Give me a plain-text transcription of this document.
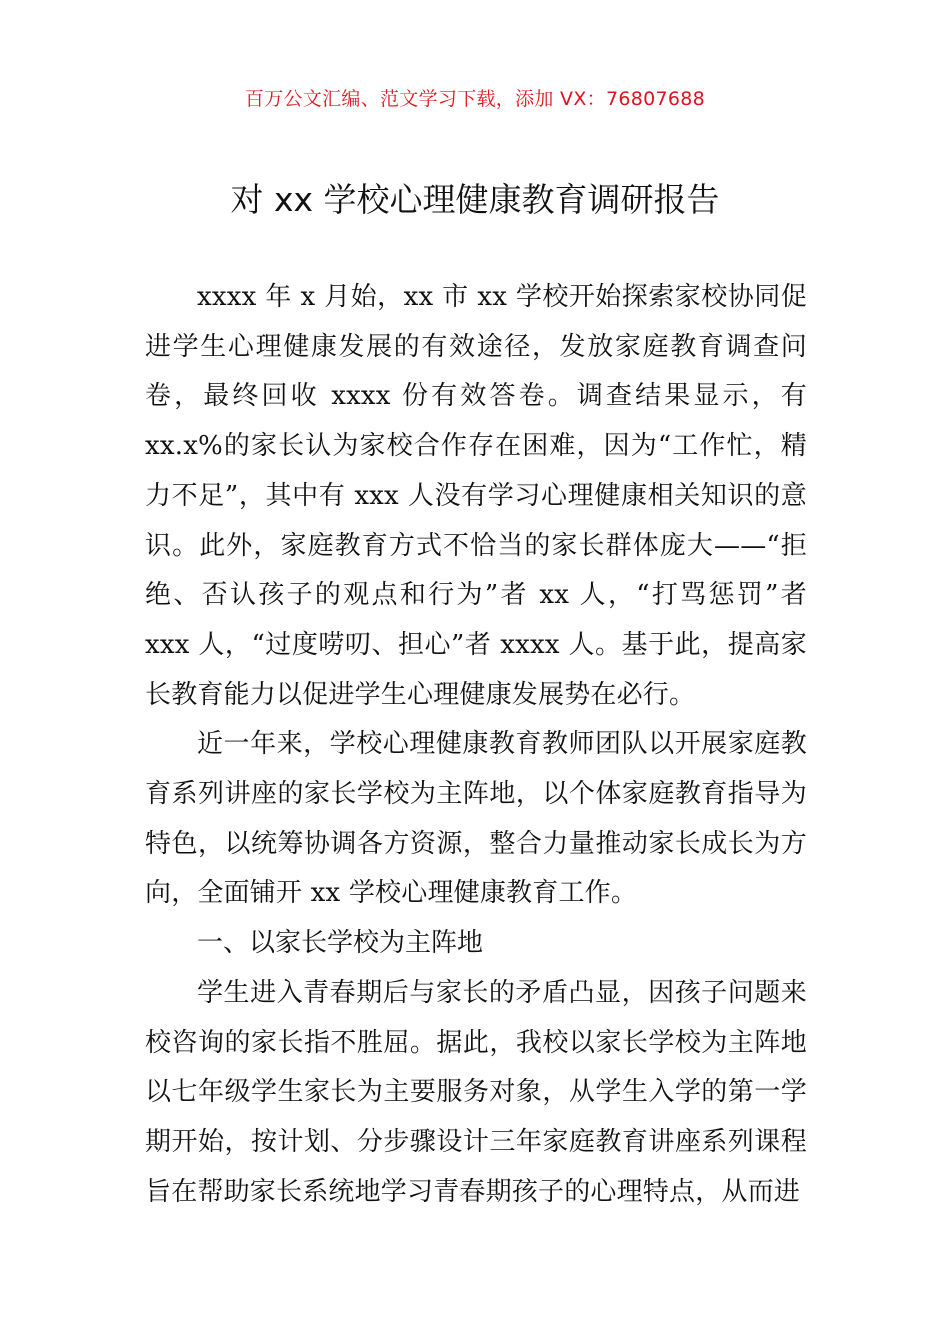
百万公文汇编、范文学习下载，添加 VX：76807688
对 xx 学校心理健康教育调研报告

xxxx 年 x 月始，xx 市 xx 学校开始探索家校协同促进学生心理健康发展的有效途径，发放家庭教育调查问卷，最终回收 xxxx 份有效答卷。调查结果显示，有 xx.x%的家长认为家校合作存在困难，因为“工作忙，精力不足”，其中有 xxx 人没有学习心理健康相关知识的意识。此外，家庭教育方式不恰当的家长群体庞大——“拒绝、否认孩子的观点和行为”者 xx 人，“打骂惩罚”者 xxx 人，“过度唠叨、担心”者 xxxx 人。基于此，提高家长教育能力以促进学生心理健康发展势在必行。

近一年来，学校心理健康教育教师团队以开展家庭教育系列讲座的家长学校为主阵地，以个体家庭教育指导为特色，以统筹协调各方资源，整合力量推动家长成长为方向，全面铺开 xx 学校心理健康教育工作。

一、以家长学校为主阵地

学生进入青春期后与家长的矛盾凸显，因孩子问题来校咨询的家长指不胜屈。据此，我校以家长学校为主阵地以七年级学生家长为主要服务对象，从学生入学的第一学期开始，按计划、分步骤设计三年家庭教育讲座系列课程旨在帮助家长系统地学习青春期孩子的心理特点，从而进
